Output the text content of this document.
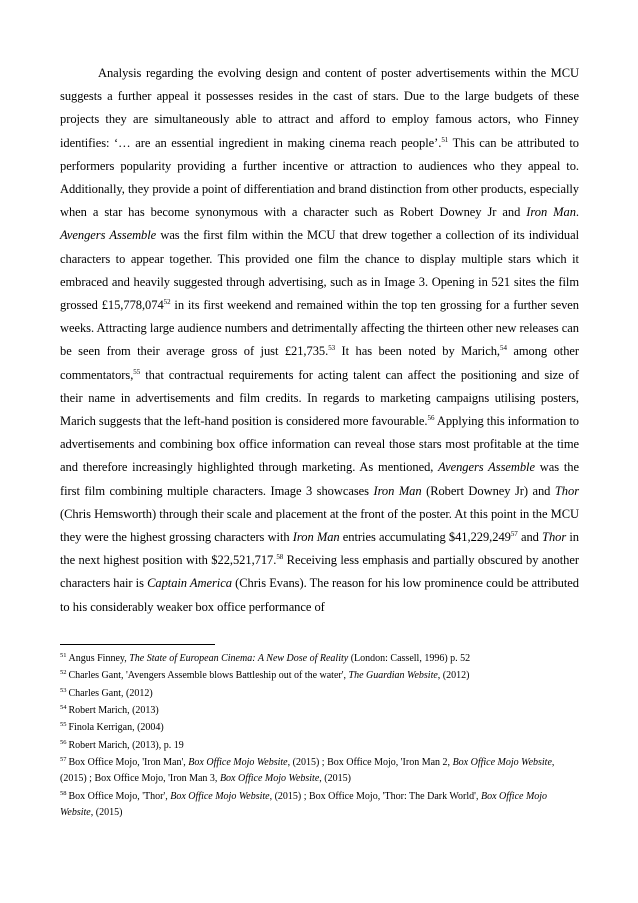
Analysis regarding the evolving design and content of poster advertisements within the MCU suggests a further appeal it possesses resides in the cast of stars. Due to the large budgets of these projects they are simultaneously able to attract and afford to employ famous actors, who Finney identifies: ‘… are an essential ingredient in making cinema reach people’.$^{51}$ This can be attributed to performers popularity providing a further incentive or attraction to audiences who they appeal to. Additionally, they provide a point of differentiation and brand distinction from other products, especially when a star has become synonymous with a character such as Robert Downey Jr and Iron Man. Avengers Assemble was the first film within the MCU that drew together a collection of its individual characters to appear together. This provided one film the chance to display multiple stars which it embraced and heavily suggested through advertising, such as in Image 3. Opening in 521 sites the film grossed £15,778,074$^{52}$ in its first weekend and remained within the top ten grossing for a further seven weeks. Attracting large audience numbers and detrimentally affecting the thirteen other new releases can be seen from their average gross of just £21,735.53 It has been noted by Marich,$^{54}$ among other commentators,$^{55}$ that contractual requirements for acting talent can affect the positioning and size of their name in advertisements and film credits. In regards to marketing campaigns utilising posters, Marich suggests that the left-hand position is considered more favourable.$^{56}$ Applying this information to advertisements and combining box office information can reveal those stars most profitable at the time and therefore increasingly highlighted through marketing. As mentioned, Avengers Assemble was the first film combining multiple characters. Image 3 showcases Iron Man (Robert Downey Jr) and Thor (Chris Hemsworth) through their scale and placement at the front of the poster. At this point in the MCU they were the highest grossing characters with Iron Man entries accumulating $41,229,249$^{57}$ and Thor in the next highest position with $22,521,717.58 Receiving less emphasis and partially obscured by another characters hair is Captain America (Chris Evans). The reason for his low prominence could be attributed to his considerably weaker box office performance of

$^{51}$ Angus Finney, The State of European Cinema: A New Dose of Reality (London: Cassell, 1996) p. 52

$^{52}$ Charles Gant, 'Avengers Assemble blows Battleship out of the water', The Guardian Website, (2012)

$^{53}$ Charles Gant, (2012)

$^{54}$ Robert Marich, (2013)

$^{55}$ Finola Kerrigan, (2004)

$^{56}$ Robert Marich, (2013), p. 19

$^{57}$ Box Office Mojo, 'Iron Man', Box Office Mojo Website, (2015) ; Box Office Mojo, 'Iron Man 2, Box Office Mojo Website, (2015) ; Box Office Mojo, 'Iron Man 3, Box Office Mojo Website, (2015)

$^{58}$ Box Office Mojo, 'Thor', Box Office Mojo Website, (2015) ; Box Office Mojo, 'Thor: The Dark World', Box Office Mojo Website, (2015)
